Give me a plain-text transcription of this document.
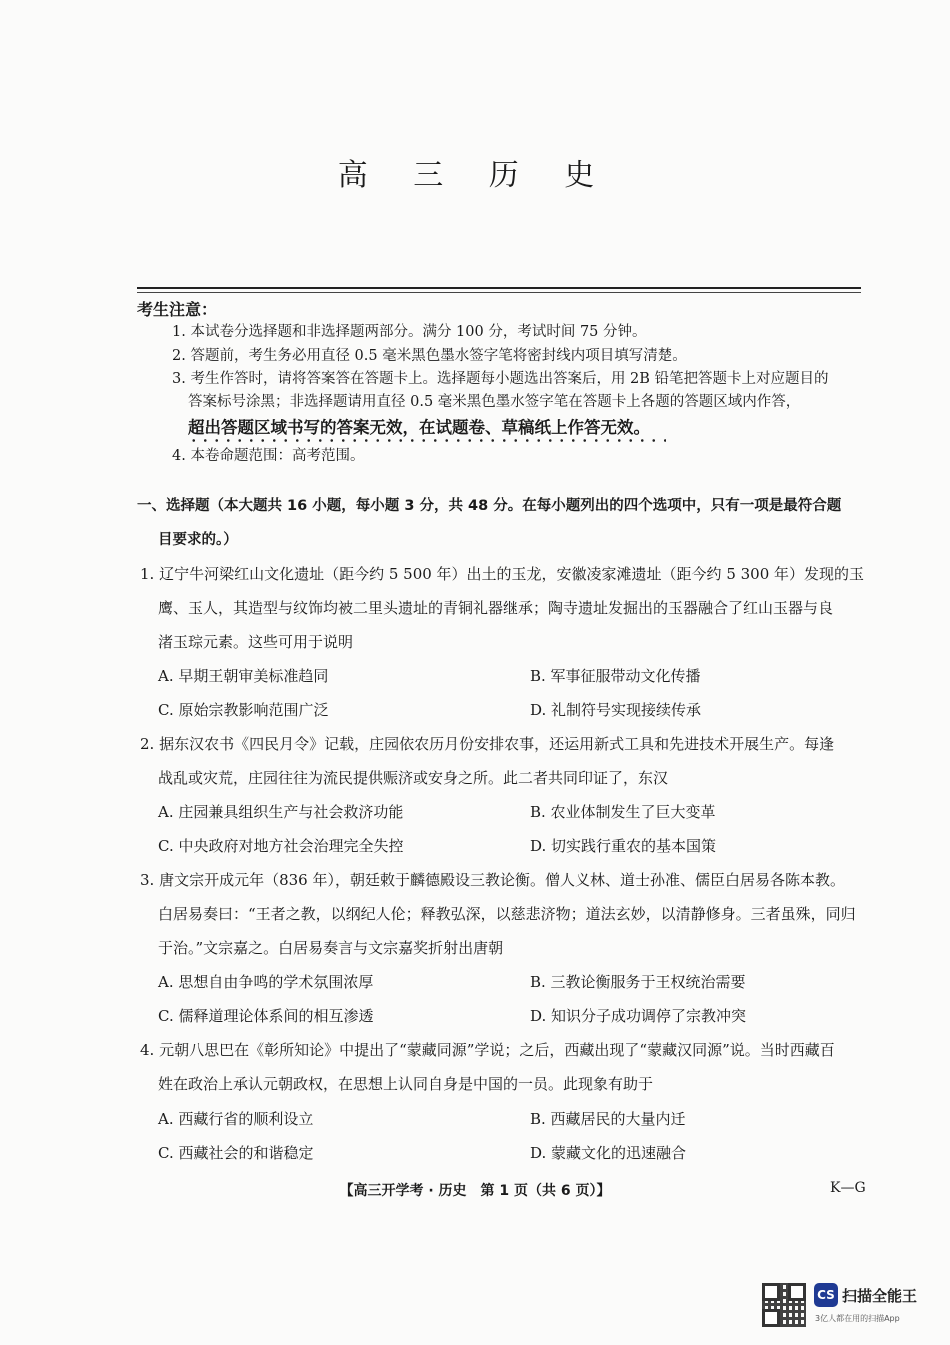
高 三 历 史
考生注意：
1. 本试卷分选择题和非选择题两部分。满分 100 分，考试时间 75 分钟。
2. 答题前，考生务必用直径 0.5 毫米黑色墨水签字笔将密封线内项目填写清楚。
3. 考生作答时，请将答案答在答题卡上。选择题每小题选出答案后，用 2B 铅笔把答题卡上对应题目的
答案标号涂黑；非选择题请用直径 0.5 毫米黑色墨水签字笔在答题卡上各题的答题区域内作答，
超出答题区域书写的答案无效，在试题卷、草稿纸上作答无效。
4. 本卷命题范围：高考范围。
一、选择题（本大题共 16 小题，每小题 3 分，共 48 分。在每小题列出的四个选项中，只有一项是最符合题
目要求的。）
1. 辽宁牛河梁红山文化遗址（距今约 5 500 年）出土的玉龙，安徽凌家滩遗址（距今约 5 300 年）发现的玉
鹰、玉人，其造型与纹饰均被二里头遗址的青铜礼器继承；陶寺遗址发掘出的玉器融合了红山玉器与良
渚玉琮元素。这些可用于说明
A. 早期王朝审美标准趋同	B. 军事征服带动文化传播
C. 原始宗教影响范围广泛	D. 礼制符号实现接续传承
2. 据东汉农书《四民月令》记载，庄园依农历月份安排农事，还运用新式工具和先进技术开展生产。每逢
战乱或灾荒，庄园往往为流民提供赈济或安身之所。此二者共同印证了，东汉
A. 庄园兼具组织生产与社会救济功能	B. 农业体制发生了巨大变革
C. 中央政府对地方社会治理完全失控	D. 切实践行重农的基本国策
3. 唐文宗开成元年（836 年），朝廷敕于麟德殿设三教论衡。僧人义林、道士孙准、儒臣白居易各陈本教。
白居易奏曰：“王者之教，以纲纪人伦；释教弘深，以慈悲济物；道法玄妙，以清静修身。三者虽殊，同归
于治。”文宗嘉之。白居易奏言与文宗嘉奖折射出唐朝
A. 思想自由争鸣的学术氛围浓厚	B. 三教论衡服务于王权统治需要
C. 儒释道理论体系间的相互渗透	D. 知识分子成功调停了宗教冲突
4. 元朝八思巴在《彰所知论》中提出了“蒙藏同源”学说；之后，西藏出现了“蒙藏汉同源”说。当时西藏百
姓在政治上承认元朝政权，在思想上认同自身是中国的一员。此现象有助于
A. 西藏行省的顺利设立	B. 西藏居民的大量内迁
C. 西藏社会的和谐稳定	D. 蒙藏文化的迅速融合
【高三开学考 · 历史　第 1 页（共 6 页）】	K—G
CS 扫描全能王
3亿人都在用的扫描App
